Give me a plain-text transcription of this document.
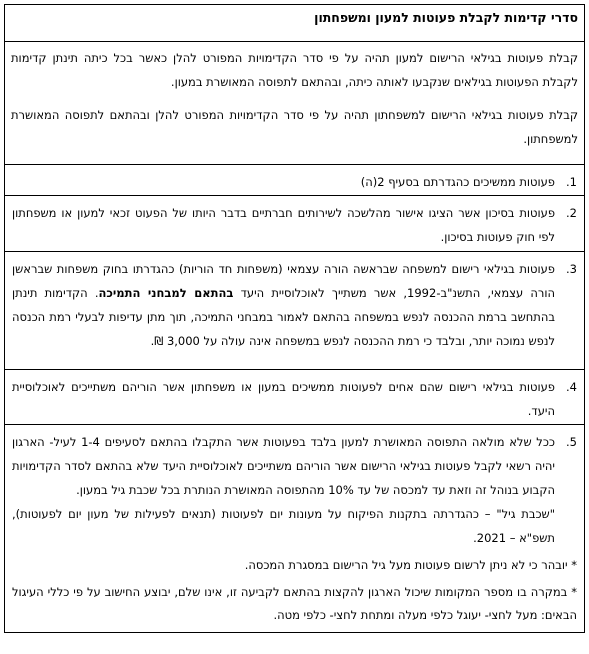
סדרי קדימות לקבלת פעוטות למעון ומשפחתון

קבלת פעוטות בגילאי הרישום למעון תהיה על פי סדר הקדימויות המפורט להלן כאשר בכל כיתה תינתן קדימות לקבלת הפעוטות בגילאים שנקבעו לאותה כיתה, ובהתאם לתפוסה המאושרת במעון.

קבלת פעוטות בגילאי הרישום למשפחתון תהיה על פי סדר הקדימויות המפורט להלן ובהתאם לתפוסה המאושרת למשפחתון.

1.
פעוטות ממשיכים כהגדרתם בסעיף 2(ה)

2.
פעוטות בסיכון אשר הציגו אישור מהלשכה לשירותים חברתיים בדבר היותו של הפעוט זכאי למעון או משפחתון לפי חוק פעוטות בסיכון.

3.
פעוטות בגילאי רישום למשפחה שבראשה הורה עצמאי (משפחות חד הוריות) כהגדרתו בחוק משפחות שבראשן הורה עצמאי, התשנ"ב-1992, אשר משתייך לאוכלוסיית היעד בהתאם למבחני התמיכה. הקדימות תינתן בהתחשב ברמת ההכנסה לנפש במשפחה בהתאם לאמור במבחני התמיכה, תוך מתן עדיפות לבעלי רמת הכנסה לנפש נמוכה יותר, ובלבד כי רמת ההכנסה לנפש במשפחה אינה עולה על 3,000 ₪.

4.
פעוטות בגילאי רישום שהם אחים לפעוטות ממשיכים במעון או משפחתון אשר הוריהם משתייכים לאוכלוסיית היעד.

5.
ככל שלא מולאה התפוסה המאושרת למעון בלבד בפעוטות אשר התקבלו בהתאם לסעיפים 1-4 לעיל- הארגון יהיה רשאי לקבל פעוטות בגילאי הרישום אשר הוריהם משתייכים לאוכלוסיית היעד שלא בהתאם לסדר הקדימויות הקבוע בנוהל זה וזאת עד למכסה של עד 10% מהתפוסה המאושרת הנותרת בכל שכבת גיל במעון.
"שכבת גיל" – כהגדרתה בתקנות הפיקוח על מעונות יום לפעוטות (תנאים לפעילות של מעון יום לפעוטות), תשפ"א – 2021.
* יובהר כי לא ניתן לרשום פעוטות מעל גיל הרישום במסגרת המכסה.
* במקרה בו מספר המקומות שיכול הארגון להקצות בהתאם לקביעה זו, אינו שלם, יבוצע החישוב על פי כללי העיגול הבאים: מעל לחצי- יעוגל כלפי מעלה ומתחת לחצי- כלפי מטה.
